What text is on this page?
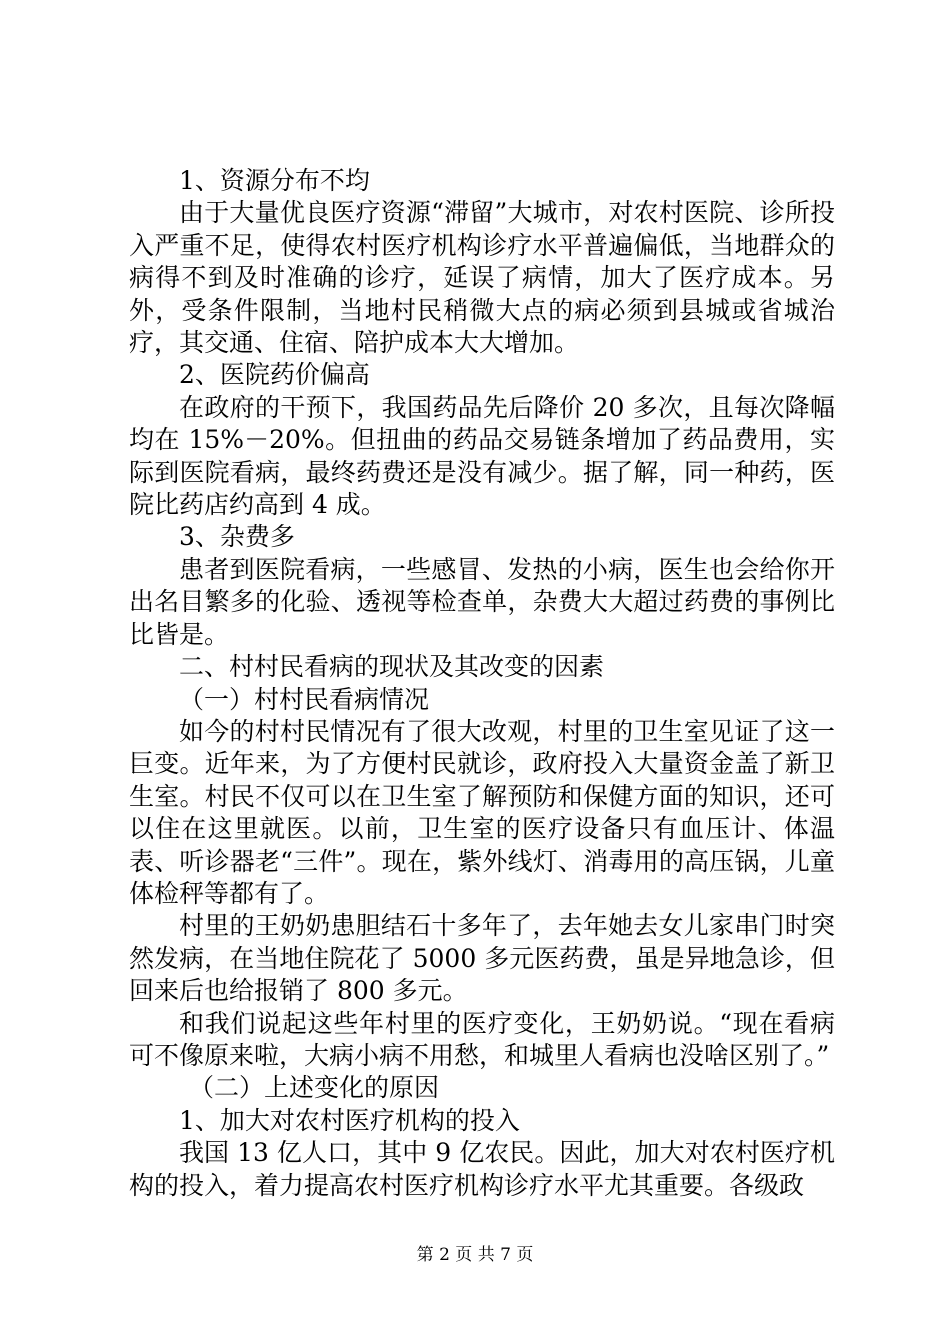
1、资源分布不均

由于大量优良医疗资源“滞留”大城市，对农村医院、诊所投入严重不足，使得农村医疗机构诊疗水平普遍偏低，当地群众的病得不到及时准确的诊疗，延误了病情，加大了医疗成本。另外，受条件限制，当地村民稍微大点的病必须到县城或省城治疗，其交通、住宿、陪护成本大大增加。

2、医院药价偏高

在政府的干预下，我国药品先后降价 20 多次，且每次降幅均在 15%－20%。但扭曲的药品交易链条增加了药品费用，实际到医院看病，最终药费还是没有减少。据了解，同一种药，医院比药店约高到 4 成。

3、杂费多

患者到医院看病，一些感冒、发热的小病，医生也会给你开出名目繁多的化验、透视等检查单，杂费大大超过药费的事例比比皆是。

二、村村民看病的现状及其改变的因素

（一）村村民看病情况

如今的村村民情况有了很大改观，村里的卫生室见证了这一巨变。近年来，为了方便村民就诊，政府投入大量资金盖了新卫生室。村民不仅可以在卫生室了解预防和保健方面的知识，还可以住在这里就医。以前，卫生室的医疗设备只有血压计、体温表、听诊器老“三件”。现在，紫外线灯、消毒用的高压锅，儿童体检秤等都有了。

村里的王奶奶患胆结石十多年了，去年她去女儿家串门时突然发病，在当地住院花了 5000 多元医药费，虽是异地急诊，但回来后也给报销了 800 多元。

和我们说起这些年村里的医疗变化，王奶奶说。“现在看病可不像原来啦，大病小病不用愁，和城里人看病也没啥区别了。”

（二）上述变化的原因

1、加大对农村医疗机构的投入

我国 13 亿人口，其中 9 亿农民。因此，加大对农村医疗机构的投入，着力提高农村医疗机构诊疗水平尤其重要。各级政

第 2 页 共 7 页
